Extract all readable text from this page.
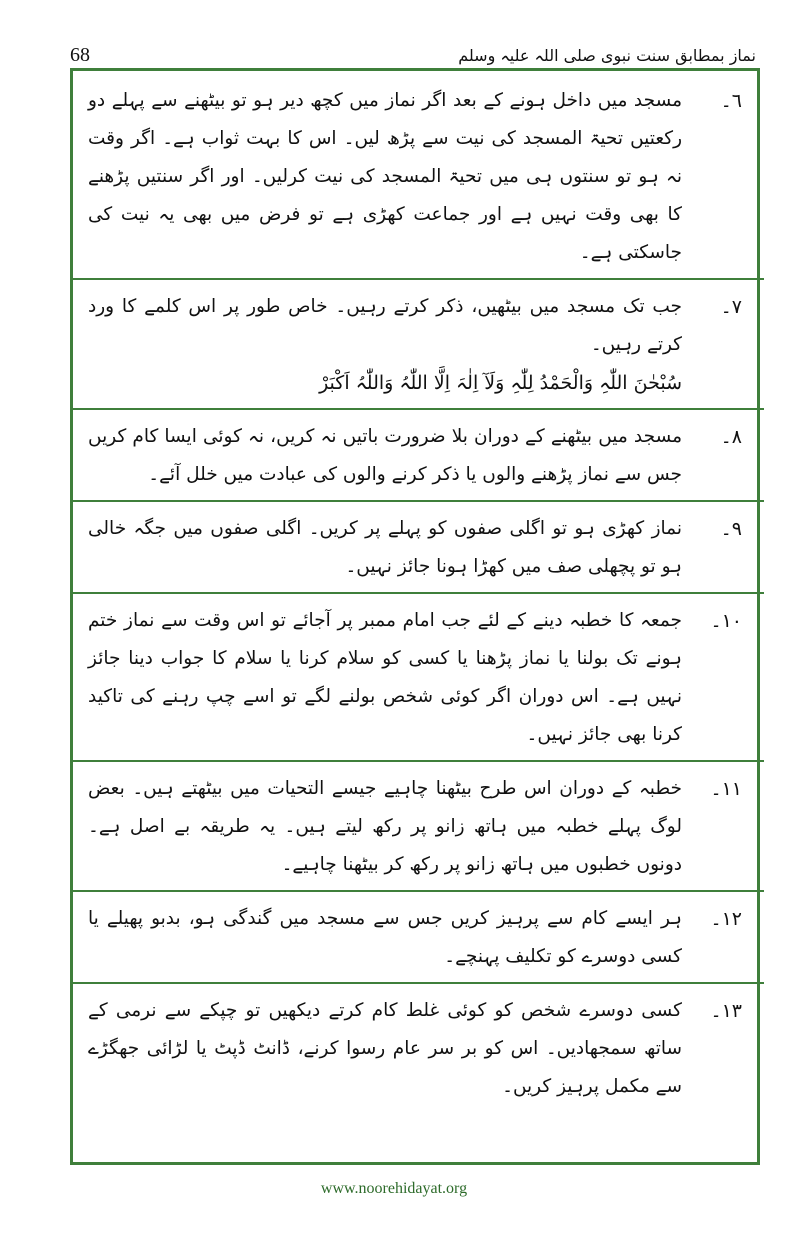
68	نماز بمطابق سنت نبوی صلی اللہ علیہ وسلم
٦۔
مسجد میں داخل ہونے کے بعد اگر نماز میں کچھ دیر ہو تو بیٹھنے سے پہلے دو رکعتیں تحیۃ المسجد کی نیت سے پڑھ لیں۔ اس کا بہت ثواب ہے۔ اگر وقت نہ ہو تو سنتوں ہی میں تحیۃ المسجد کی نیت کرلیں۔ اور اگر سنتیں پڑھنے کا بھی وقت نہیں ہے اور جماعت کھڑی ہے تو فرض میں بھی یہ نیت کی جاسکتی ہے۔
٧۔
جب تک مسجد میں بیٹھیں، ذکر کرتے رہیں۔ خاص طور پر اس کلمے کا ورد کرتے رہیں۔
سُبْحٰنَ اللّٰہِ وَالْحَمْدُ لِلّٰہِ وَلَآ اِلٰہَ اِلَّا اللّٰہُ وَاللّٰہُ اَکْبَرْ
٨۔
مسجد میں بیٹھنے کے دوران بلا ضرورت باتیں نہ کریں، نہ کوئی ایسا کام کریں جس سے نماز پڑھنے والوں یا ذکر کرنے والوں کی عبادت میں خلل آئے۔
٩۔
نماز کھڑی ہو تو اگلی صفوں کو پہلے پر کریں۔ اگلی صفوں میں جگہ خالی ہو تو پچھلی صف میں کھڑا ہونا جائز نہیں۔
١٠۔
جمعہ کا خطبہ دینے کے لئے جب امام ممبر پر آجائے تو اس وقت سے نماز ختم ہونے تک بولنا یا نماز پڑھنا یا کسی کو سلام کرنا یا سلام کا جواب دینا جائز نہیں ہے۔ اس دوران اگر کوئی شخص بولنے لگے تو اسے چپ رہنے کی تاکید کرنا بھی جائز نہیں۔
١١۔
خطبہ کے دوران اس طرح بیٹھنا چاہیے جیسے التحیات میں بیٹھتے ہیں۔ بعض لوگ پہلے خطبہ میں ہاتھ زانو پر رکھ لیتے ہیں۔ یہ طریقہ بے اصل ہے۔ دونوں خطبوں میں ہاتھ زانو پر رکھ کر بیٹھنا چاہیے۔
١٢۔
ہر ایسے کام سے پرہیز کریں جس سے مسجد میں گندگی ہو، بدبو پھیلے یا کسی دوسرے کو تکلیف پہنچے۔
١٣۔
کسی دوسرے شخص کو کوئی غلط کام کرتے دیکھیں تو چپکے سے نرمی کے ساتھ سمجھادیں۔ اس کو بر سر عام رسوا کرنے، ڈانٹ ڈپٹ یا لڑائی جھگڑے سے مکمل پرہیز کریں۔
www.noorehidayat.org
